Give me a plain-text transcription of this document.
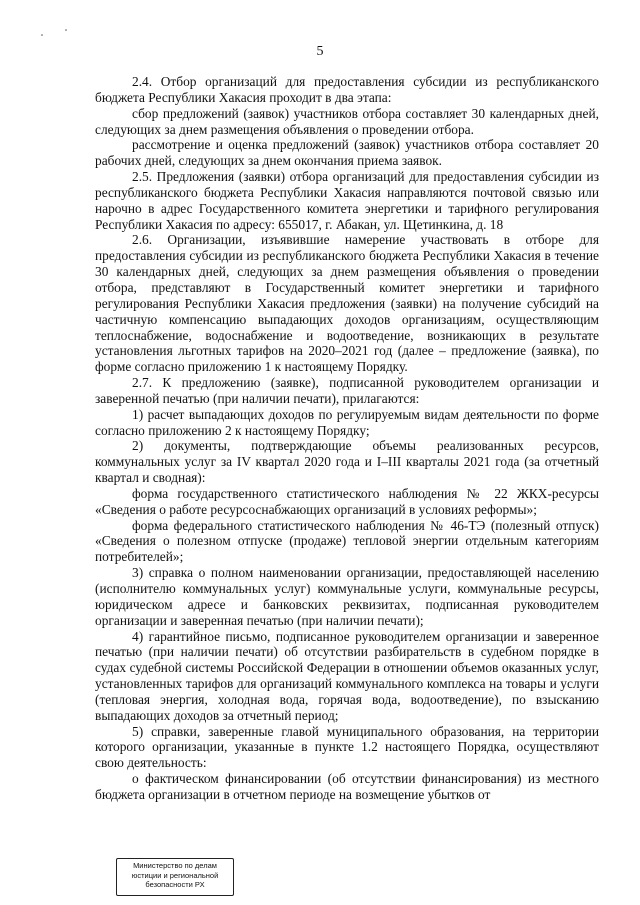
5

2.4. Отбор организаций для предоставления субсидии из республиканского бюджета Республики Хакасия проходит в два этапа:

сбор предложений (заявок) участников отбора составляет 30 календарных дней, следующих за днем размещения объявления о проведении отбора.

рассмотрение и оценка предложений (заявок) участников отбора составляет 20 рабочих дней, следующих за днем окончания приема заявок.

2.5. Предложения (заявки) отбора организаций для предоставления субсидии из республиканского бюджета Республики Хакасия направляются почтовой связью или нарочно в адрес Государственного комитета энергетики и тарифного регулирования Республики Хакасия по адресу: 655017, г. Абакан, ул. Щетинкина, д. 18

2.6. Организации, изъявившие намерение участвовать в отборе для предоставления субсидии из республиканского бюджета Республики Хакасия в течение 30 календарных дней, следующих за днем размещения объявления о проведении отбора, представляют в Государственный комитет энергетики и тарифного регулирования Республики Хакасия предложения (заявки) на получение субсидий на частичную компенсацию выпадающих доходов организациям, осуществляющим теплоснабжение, водоснабжение и водоотведение, возникающих в результате установления льготных тарифов на 2020–2021 год (далее – предложение (заявка), по форме согласно приложению 1 к настоящему Порядку.

2.7. К предложению (заявке), подписанной руководителем организации и заверенной печатью (при наличии печати), прилагаются:

1) расчет выпадающих доходов по регулируемым видам деятельности по форме согласно приложению 2 к настоящему Порядку;

2) документы, подтверждающие объемы реализованных ресурсов, коммунальных услуг за IV квартал 2020 года и I–III кварталы 2021 года (за отчетный квартал и сводная):

форма государственного статистического наблюдения № 22 ЖКХ-ресурсы «Сведения о работе ресурсоснабжающих организаций в условиях реформы»;

форма федерального статистического наблюдения № 46-ТЭ (полезный отпуск) «Сведения о полезном отпуске (продаже) тепловой энергии отдельным категориям потребителей»;

3) справка о полном наименовании организации, предоставляющей населению (исполнителю коммунальных услуг) коммунальные услуги, коммунальные ресурсы, юридическом адресе и банковских реквизитах, подписанная руководителем организации и заверенная печатью (при наличии печати);

4) гарантийное письмо, подписанное руководителем организации и заверенное печатью (при наличии печати) об отсутствии разбирательств в судебном порядке в судах судебной системы Российской Федерации в отношении объемов оказанных услуг, установленных тарифов для организаций коммунального комплекса на товары и услуги (тепловая энергия, холодная вода, горячая вода, водоотведение), по взысканию выпадающих доходов за отчетный период;

5) справки, заверенные главой муниципального образования, на территории которого организации, указанные в пункте 1.2 настоящего Порядка, осуществляют свою деятельность:

о фактическом финансировании (об отсутствии финансирования) из местного бюджета организации в отчетном периоде на возмещение убытков от

Министерство по делам
юстиции и региональной
безопасности РХ
